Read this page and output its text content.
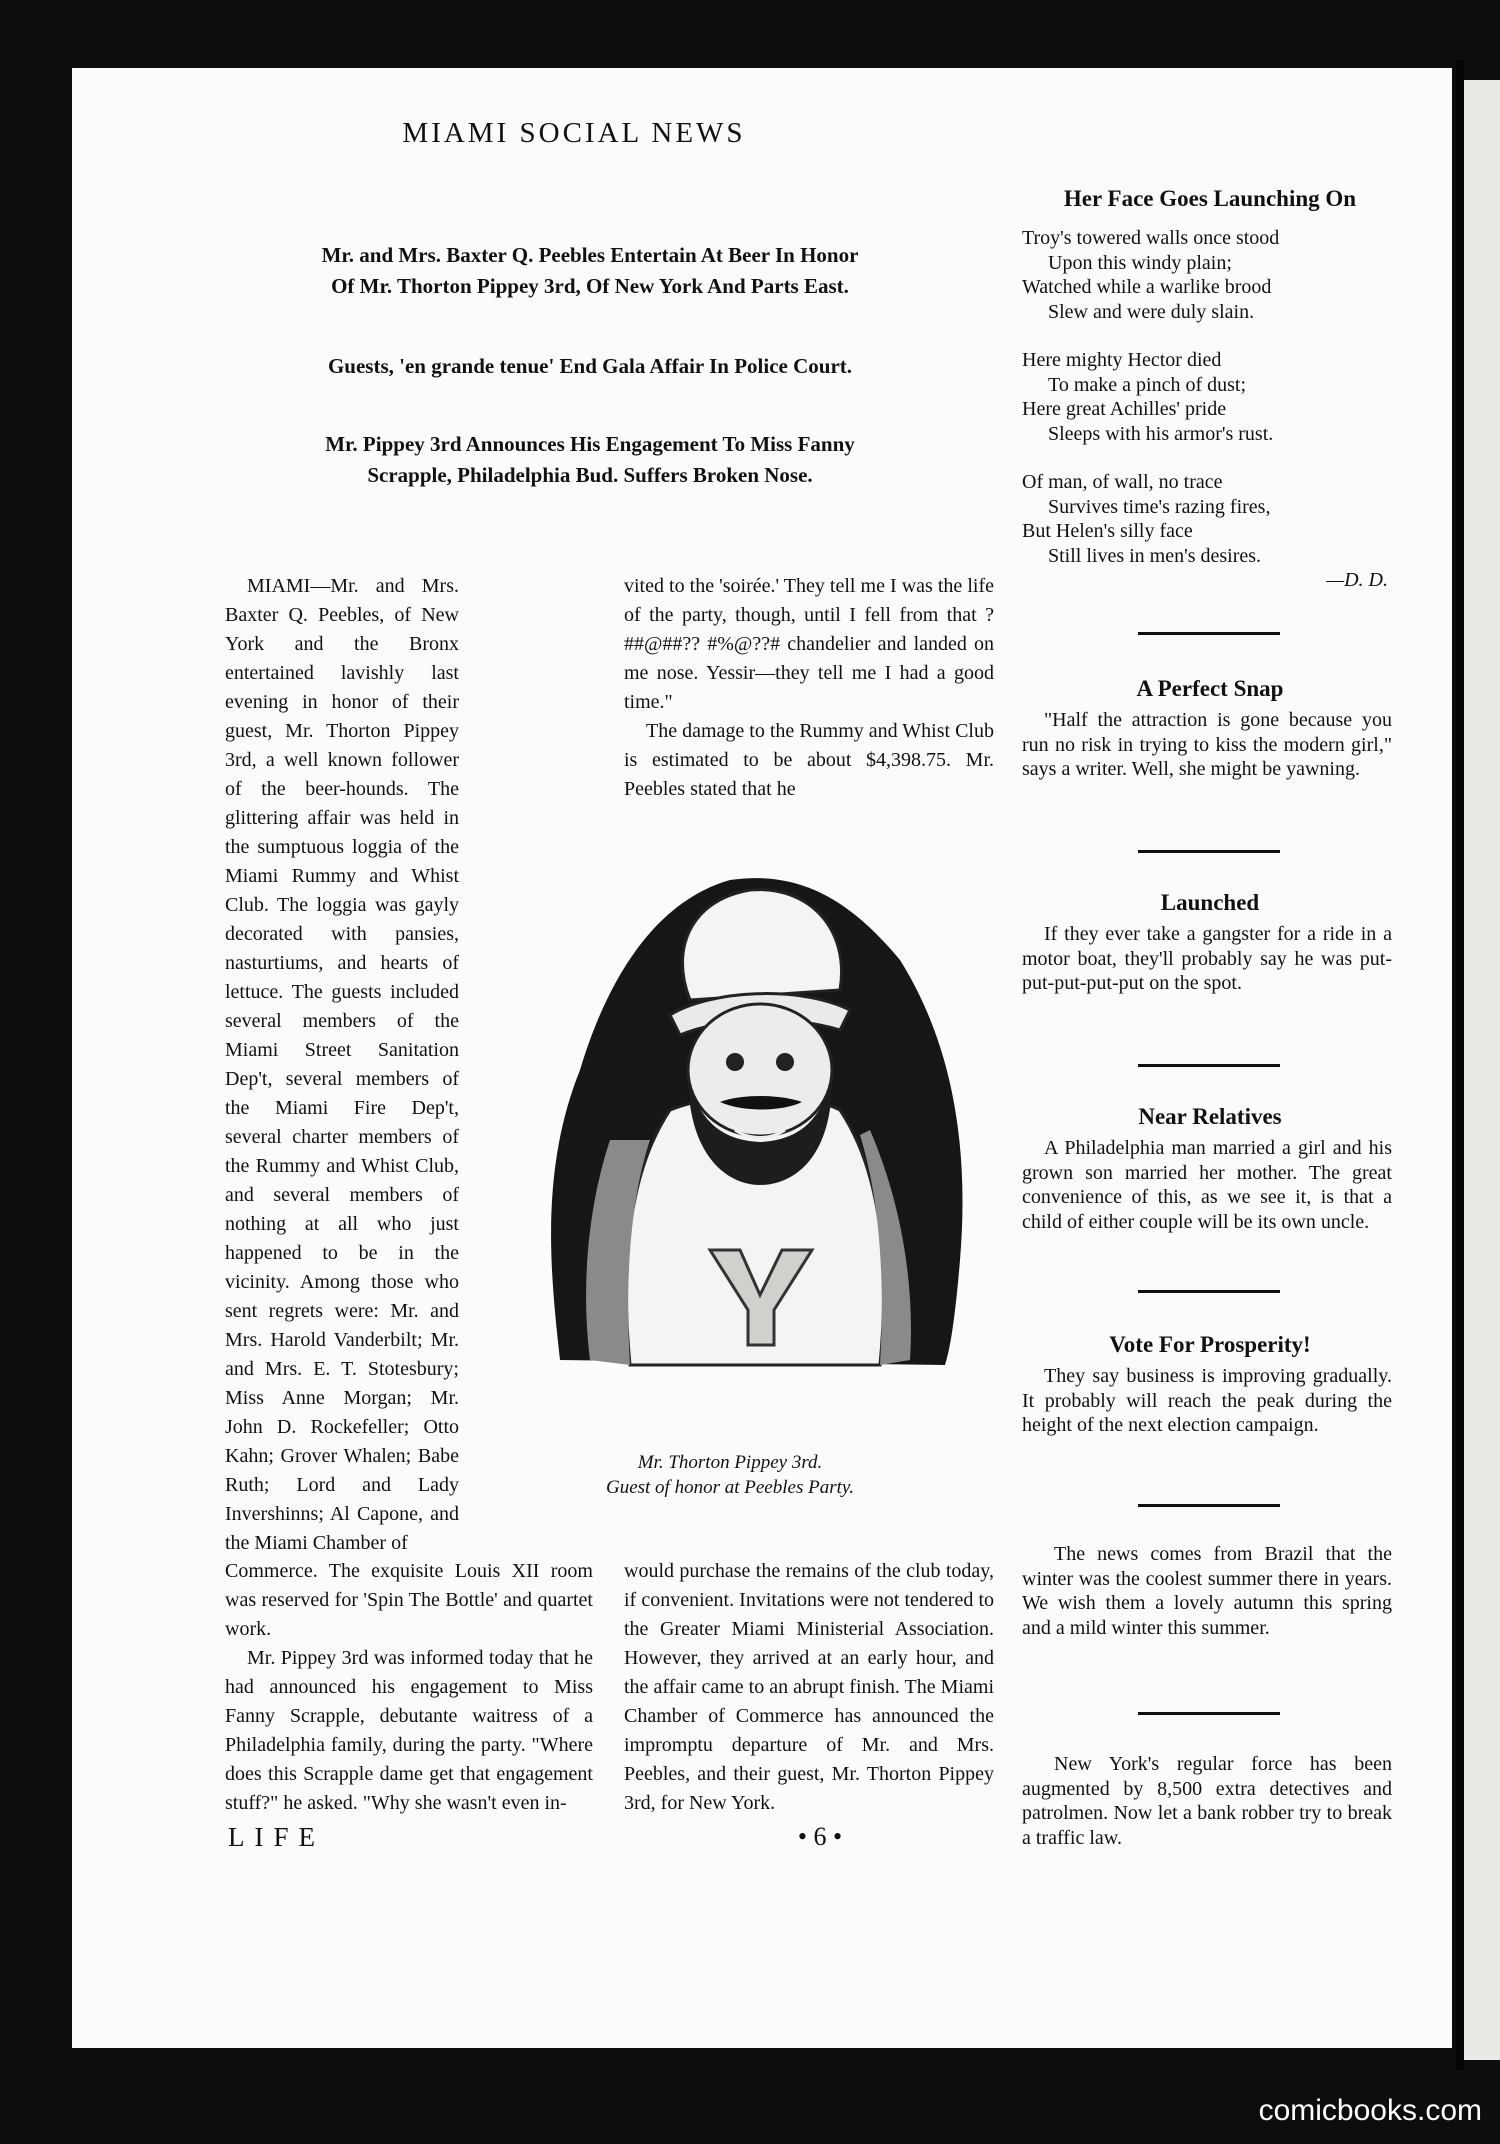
MIAMI SOCIAL NEWS
Mr. and Mrs. Baxter Q. Peebles Entertain At Beer In Honor Of Mr. Thorton Pippey 3rd, Of New York And Parts East.
Guests, 'en grande tenue' End Gala Affair In Police Court.
Mr. Pippey 3rd Announces His Engagement To Miss Fanny Scrapple, Philadelphia Bud. Suffers Broken Nose.

MIAMI—Mr. and Mrs. Baxter Q. Peebles, of New York and the Bronx entertained lavishly last evening in honor of their guest, Mr. Thorton Pippey 3rd, a well known follower of the beer-hounds. The glittering affair was held in the sumptuous loggia of the Miami Rummy and Whist Club. The loggia was gayly decorated with pansies, nasturtiums, and hearts of lettuce. The guests included several members of the Miami Street Sanitation Dep't, several members of the Miami Fire Dep't, several charter members of the Rummy and Whist Club, and several members of nothing at all who just happened to be in the vicinity. Among those who sent regrets were: Mr. and Mrs. Harold Vanderbilt; Mr. and Mrs. E. T. Stotesbury; Miss Anne Morgan; Mr. John D. Rockefeller; Otto Kahn; Grover Whalen; Babe Ruth; Lord and Lady Invershinns; Al Capone, and the Miami Chamber of

Commerce. The exquisite Louis XII room was reserved for 'Spin The Bottle' and quartet work.

Mr. Pippey 3rd was informed today that he had announced his engagement to Miss Fanny Scrapple, debutante waitress of a Philadelphia family, during the party. "Where does this Scrapple dame get that engagement stuff?" he asked. "Why she wasn't even in-

vited to the 'soirée.' They tell me I was the life of the party, though, until I fell from that ?##@##?? #%@??# chandelier and landed on me nose. Yessir—they tell me I had a good time."

The damage to the Rummy and Whist Club is estimated to be about $4,398.75. Mr. Peebles stated that he

Mr. Thorton Pippey 3rd.
Guest of honor at Peebles Party.

would purchase the remains of the club today, if convenient. Invitations were not tendered to the Greater Miami Ministerial Association. However, they arrived at an early hour, and the affair came to an abrupt finish. The Miami Chamber of Commerce has announced the impromptu departure of Mr. and Mrs. Peebles, and their guest, Mr. Thorton Pippey 3rd, for New York.

Her Face Goes Launching On
Troy's towered walls once stood
Upon this windy plain;
Watched while a warlike brood
Slew and were duly slain.
Here mighty Hector died
To make a pinch of dust;
Here great Achilles' pride
Sleeps with his armor's rust.
Of man, of wall, no trace
Survives time's razing fires,
But Helen's silly face
Still lives in men's desires.
—D. D.
A Perfect Snap
"Half the attraction is gone because you run no risk in trying to kiss the modern girl," says a writer. Well, she might be yawning.
Launched
If they ever take a gangster for a ride in a motor boat, they'll probably say he was put-put-put-put-put on the spot.
Near Relatives
A Philadelphia man married a girl and his grown son married her mother. The great convenience of this, as we see it, is that a child of either couple will be its own uncle.
Vote For Prosperity!
They say business is improving gradually. It probably will reach the peak during the height of the next election campaign.
The news comes from Brazil that the winter was the coolest summer there in years. We wish them a lovely autumn this spring and a mild winter this summer.
New York's regular force has been augmented by 8,500 extra detectives and patrolmen. Now let a bank robber try to break a traffic law.
LIFE	• 6 •
comicbooks.com
